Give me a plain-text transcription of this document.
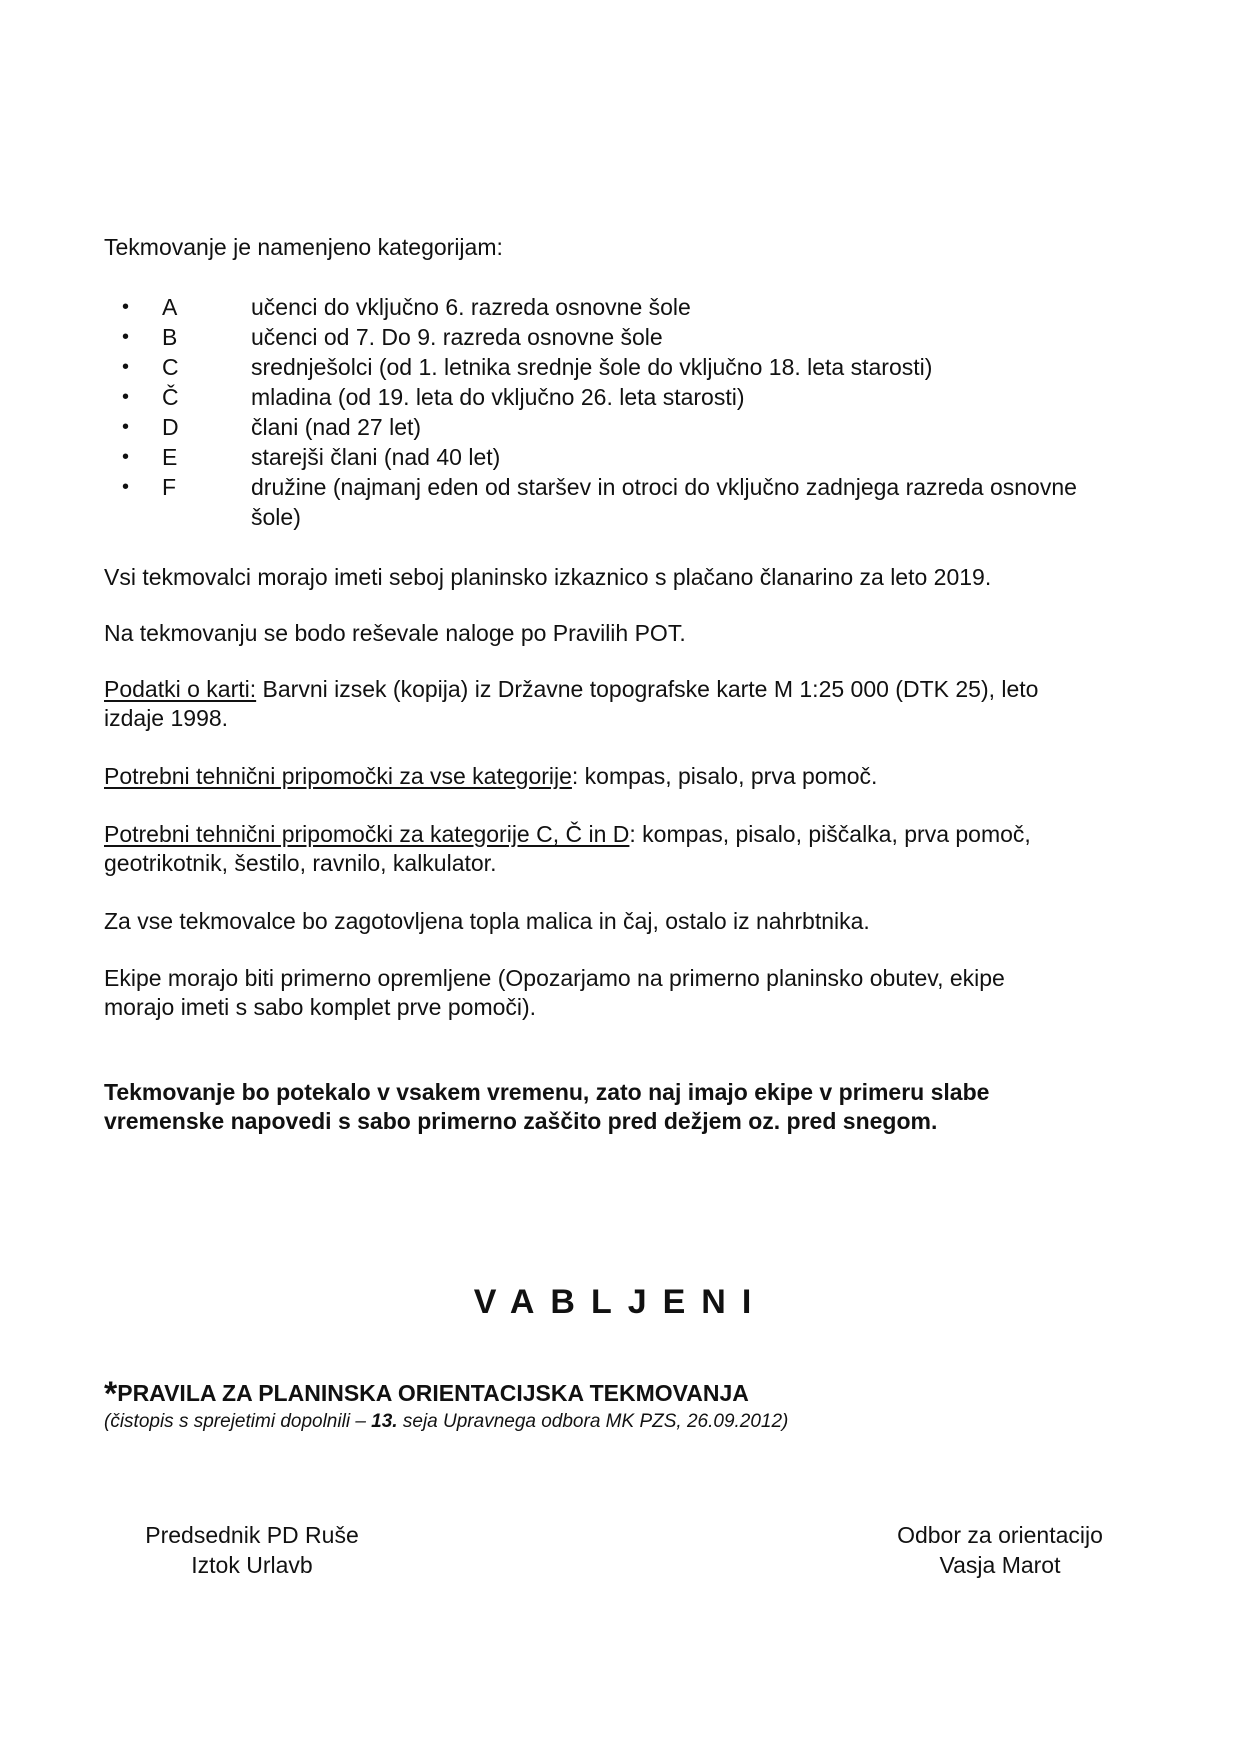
Tekmovanje je namenjeno kategorijam:
• A	učenci do vključno 6. razreda osnovne šole
• B	učenci od 7. Do 9. razreda osnovne šole
• C	srednješolci (od 1. letnika srednje šole do vključno 18. leta starosti)
• Č	mladina (od 19. leta do vključno 26. leta starosti)
• D	člani (nad 27 let)
• E	starejši člani (nad 40 let)
• F	družine (najmanj eden od staršev in otroci do vključno zadnjega razreda osnovne
šole)
Vsi tekmovalci morajo imeti seboj planinsko izkaznico s plačano članarino za leto 2019.
Na tekmovanju se bodo reševale naloge po Pravilih POT.
Podatki o karti: Barvni izsek (kopija) iz Državne topografske karte M 1:25 000 (DTK 25), leto
izdaje 1998.
Potrebni tehnični pripomočki za vse kategorije: kompas, pisalo, prva pomoč.
Potrebni tehnični pripomočki za kategorije C, Č in D: kompas, pisalo, piščalka, prva pomoč,
geotrikotnik, šestilo, ravnilo, kalkulator.
Za vse tekmovalce bo zagotovljena topla malica in čaj, ostalo iz nahrbtnika.
Ekipe morajo biti primerno opremljene (Opozarjamo na primerno planinsko obutev, ekipe
morajo imeti s sabo komplet prve pomoči).
Tekmovanje bo potekalo v vsakem vremenu, zato naj imajo ekipe v primeru slabe
vremenske napovedi s sabo primerno zaščito pred dežjem oz. pred snegom.
VABLJENI
*PRAVILA ZA PLANINSKA ORIENTACIJSKA TEKMOVANJA
(čistopis s sprejetimi dopolnili – 13. seja Upravnega odbora MK PZS, 26.09.2012)
Predsednik PD Ruše
Iztok Urlavb
Odbor za orientacijo
Vasja Marot
